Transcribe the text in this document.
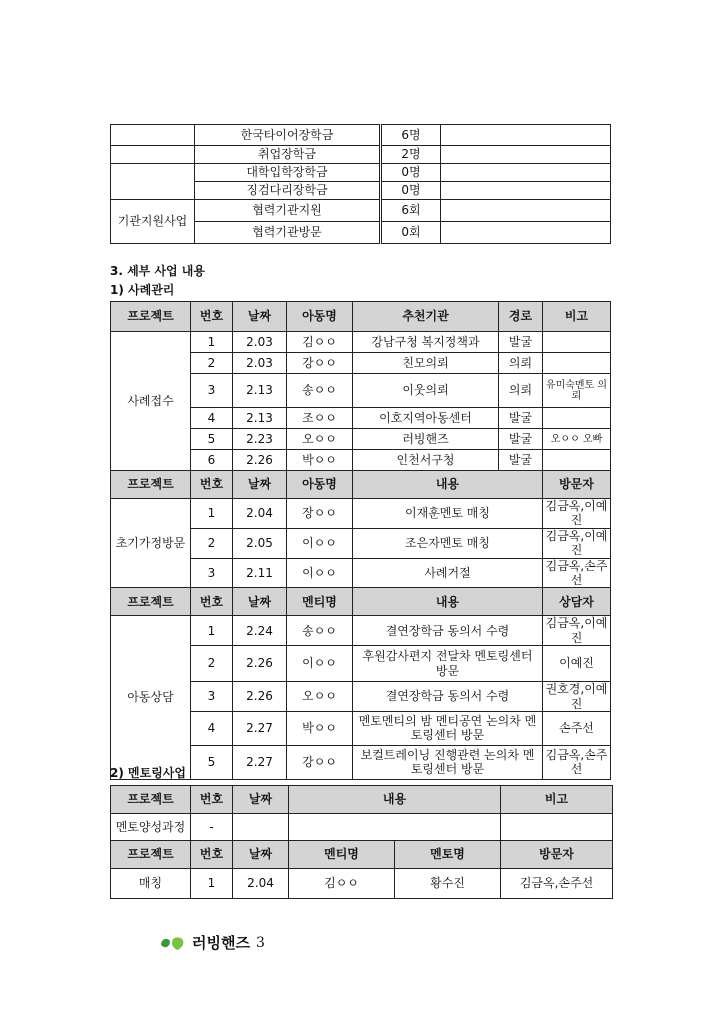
	한국타이어장학금	6명	
	취업장학금	2명	
	대학입학장학금	0명	
	징검다리장학금	0명	
기관지원사업	협력기관지원	6회	
	협력기관방문	0회	
3. 세부 사업 내용
1) 사례관리
프로젝트	번호	날짜	아동명	추천기관	경로	비고
사례접수	1	2.03	김ㅇㅇ	강남구청 복지정책과	발굴	
	2	2.03	강ㅇㅇ	친모의뢰	의뢰	
	3	2.13	송ㅇㅇ	이웃의뢰	의뢰	유미숙멘토 의뢰
	4	2.13	조ㅇㅇ	이호지역아동센터	발굴	
	5	2.23	오ㅇㅇ	러빙핸즈	발굴	오ㅇㅇ 오빠
	6	2.26	박ㅇㅇ	인천서구청	발굴	
프로젝트	번호	날짜	아동명	내용		방문자
초기가정방문	1	2.04	장ㅇㅇ	이재훈멘토 매칭		김금옥,이예진
	2	2.05	이ㅇㅇ	조은자멘토 매칭		김금옥,이예진
	3	2.11	이ㅇㅇ	사례거절		김금옥,손주선
프로젝트	번호	날짜	멘티명	내용		상담자
아동상담	1	2.24	송ㅇㅇ	결연장학금 동의서 수령		김금옥,이예진
	2	2.26	이ㅇㅇ	후원감사편지 전달차 멘토링센터 방문		이예진
	3	2.26	오ㅇㅇ	결연장학금 동의서 수령		권호경,이예진
	4	2.27	박ㅇㅇ	멘토멘티의 밤 멘티공연 논의차 멘토링센터 방문		손주선
	5	2.27	강ㅇㅇ	보컬트레이닝 진행관련 논의차 멘토링센터 방문		김금옥,손주선
2) 멘토링사업
프로젝트	번호	날짜	내용		비고
멘토양성과정	-				
프로젝트	번호	날짜	멘티명	멘토명	방문자
매칭	1	2.04	김ㅇㅇ	황수진	김금옥,손주선
러빙핸즈 3
